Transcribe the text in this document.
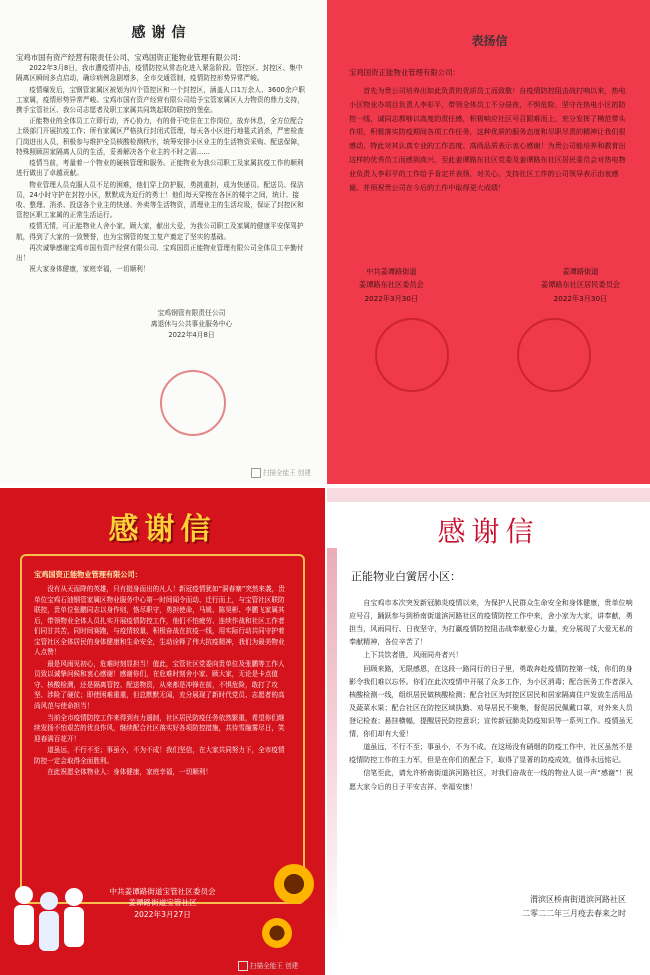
感谢信
宝鸡市国有资产经营有限责任公司、宝鸡国资正能物业管理有限公司：

2022年3月8日，我市遭疫情冲击，疫情防控从常态化进入紧急阶段。管控区、封控区、集中隔离区瞬间多点启动，确诊病例急剧增多，全市交通管制，疫情防控形势异常严峻。

疫情爆发后，宝钢管家属区被划为四个管控区和一个封控区，涵盖人口1万余人、3600余户职工家属，疫情形势异常严峻。宝鸡市国有资产经营有限公司给予宝管家属区人力物资的鼎力支持，携手宝管社区、我公司志愿者及职工家属共同筑起联防联控的堡垒。

正能物业的全体员工立即行动，齐心协力，有的骨干吃住在工作岗位，放弃休息，全方位配合上级部门开展抗疫工作；所有家属区严格执行封闭式管理，每天各小区进行地毯式消杀，严密检查门岗进出人员，积极参与维护全员核酸检测秩序，统筹安排小区业主的生活物资采购、配送保障，特殊照顾居家隔离人员的生活，妥善解决各个业主的不时之需……

疫情当前，考量着一个物业的硬核管理和服务。正能物业为我公司职工及家属抗疫工作的顺利进行做出了卓越贡献。

物业管理人员克服人员不足的困难，他们穿上防护服，勇挑重担，成为快递员、配送员、保洁员，24小时守护在封控小区，默默成为近行的勇士！他们每天穿梭在各区的楼宇之间，统计、接收、整理、消杀、投送各个业主的快递、外卖等生活物资，清理业主的生活垃圾，保证了封控区和管控区职工家属的正常生活运行。

疫情无情，可正能物业人舍小家，顾大家，献出大爱，为我公司职工及家属的健康平安保驾护航，得到了大家的一致赞誉，也为宝钢管的复工复产奠定了坚实的基础。

再次诚挚感谢宝鸡市国有资产经营有限公司、宝鸡国资正能物业管理有限公司全体员工辛勤付出！

祝大家身体健康，家庭幸福，一切顺利！

宝鸡钢管有限责任公司
离退休与公共事业服务中心
2022年4月8日
扫描全能王 创建
表扬信
宝鸡国资正能物业管理有限公司：

首先为贵公司培养出如此负责的优质员工而致敬！自疫情防控阻击战打响以来，热电小区物业办项目负责人李彩平，带领全体员工不分昼夜，不惧危险，坚守在热电小区的防控一线，诚同志都够以高度的责任感，积极响应社区号召跟难而上，充分发挥了模范带头作用，积极落实防疫期间各项工作任务，这种优质的服务态度和尽职尽责的精神让我们很感动，特此对其认真专业的工作态度、高尚品质表示衷心感谢！为贵公司能培养和教育出这样的优秀员工而感到高兴，至此姜谭路东社区党委及姜谭路东社区居民委员会对热电物业负责人李彩平的工作给予肯定并表扬，对关心、支持社区工作的公司领导表示由衷感谢。并预祝贵公司在今后的工作中取得更大成绩！

中共姜谭路街道
姜谭路东社区委员会
2022年3月30日
姜谭路街道
姜谭路东社区居民委员会
2022年3月30日
感谢信
宝鸡国资正能物业管理有限公司：

没有从天而降的英雄，只有挺身而出的凡人！新冠疫情犹如“洞春寨”突然来袭，贵单位宝鸡石油钢管家属区物业服务中心第一时间闻令而动、迁行而上，与宝管社区联防联控，贵单位张鹏同志以身作则，恪尽职守，勇担使命，马媛、陈昊彬、李鹏飞家属其后，带领物业全体人员扎实开展疫情防控工作，他们不怕疲劳、连续作战和社区工作者们同甘共苦，同时间赛跑，与疫情较量，积极奋战在抗疫一线，用实际行动共同守护着宝管社区全体居民的身体健康和生命安全，生动诠释了伟大抗疫精神，我们为最美物业人点赞！

最是风雨见初心，危难时刻显担当！值此，宝管社区党委向贵单位及张鹏等工作人员致以诚挚问候和衷心感谢！感谢你们，在危难时刻舍小家、顾大家，无论是卡点值守、核酸检测，还是隔离管控、配送物资，从来都是冲锋在前，不惧危险，敢打了攻坚、涉险了硬仗；即使困难重重，但总默默无闻，充分展现了新时代党员、志愿者的高尚风范与使命担当！

当前全市疫情防控工作来得到有力遏制，社区居民防疫任务依然繁重，希望你们继续发扬不怕艰苦的优良作风，继续配合社区落实好各项防控措施，共待雪融雾尽日，笑迎春满百花开！

道虽远，不行不至；事虽小，不为不成！我们坚信，在大家共同努力下，全市疫情防控一定会取得全面胜利。

在此祝愿全体物业人：身体健康，家庭幸福，一切顺利！

中共姜谭路街道宝管社区委员会
姜谭路街道宝管社区
2022年3月27日
扫描全能王 创建
感谢信
正能物业白黉居小区：

自宝鸡市本次突发新冠肺炎疫情以来，为保护人民群众生命安全和身体健康，贵单位响应号召，踊跃参与到桥南街道滨河路社区的疫情防控工作中来，舍小家为大家，讲奉献，勇担当，风雨同行、日夜坚守，为打赢疫情防控阻击战奉献爱心力量，充分展现了大爱无私的奉献精神，各位辛苦了！

上下共饮者胜，风雨同舟者兴！

回顾来路，无限感恩，在这段一路同行的日子里，勇敢奔赴疫情防控第一线，你们的身影令我们难以忘怀。你们在此次疫情中开展了众多工作，为小区消毒；配合医务工作者深入核酸检测一线，组织居民做核酸检测；配合社区为封控区居民和居家隔离住户发放生活用品及蔬菜水果；配合社区在防控区域执勤、劝导居民不聚集，督促居民佩戴口罩，对外来人员登记检查；悬挂横幅，提醒居民防控意识；宣传新冠肺炎防疫知识等一系列工作。疫情虽无情，你们却有大爱！

道虽远，不行不至；事虽小，不为不成。在这场没有硝烟的防疫工作中，社区虽然不是疫情防控工作的主力军，但是在你们的配合下，取得了显著的防疫成效，值得永远铭记。

信笔至此，请允许桥南街道滨河路社区，对我们奋战在一线的物业人说一声“感谢”！祝愿大家今后的日子平安吉祥、幸福安康！

渭滨区桥南街道滨河路社区
二零二二年三月疫去春来之时
